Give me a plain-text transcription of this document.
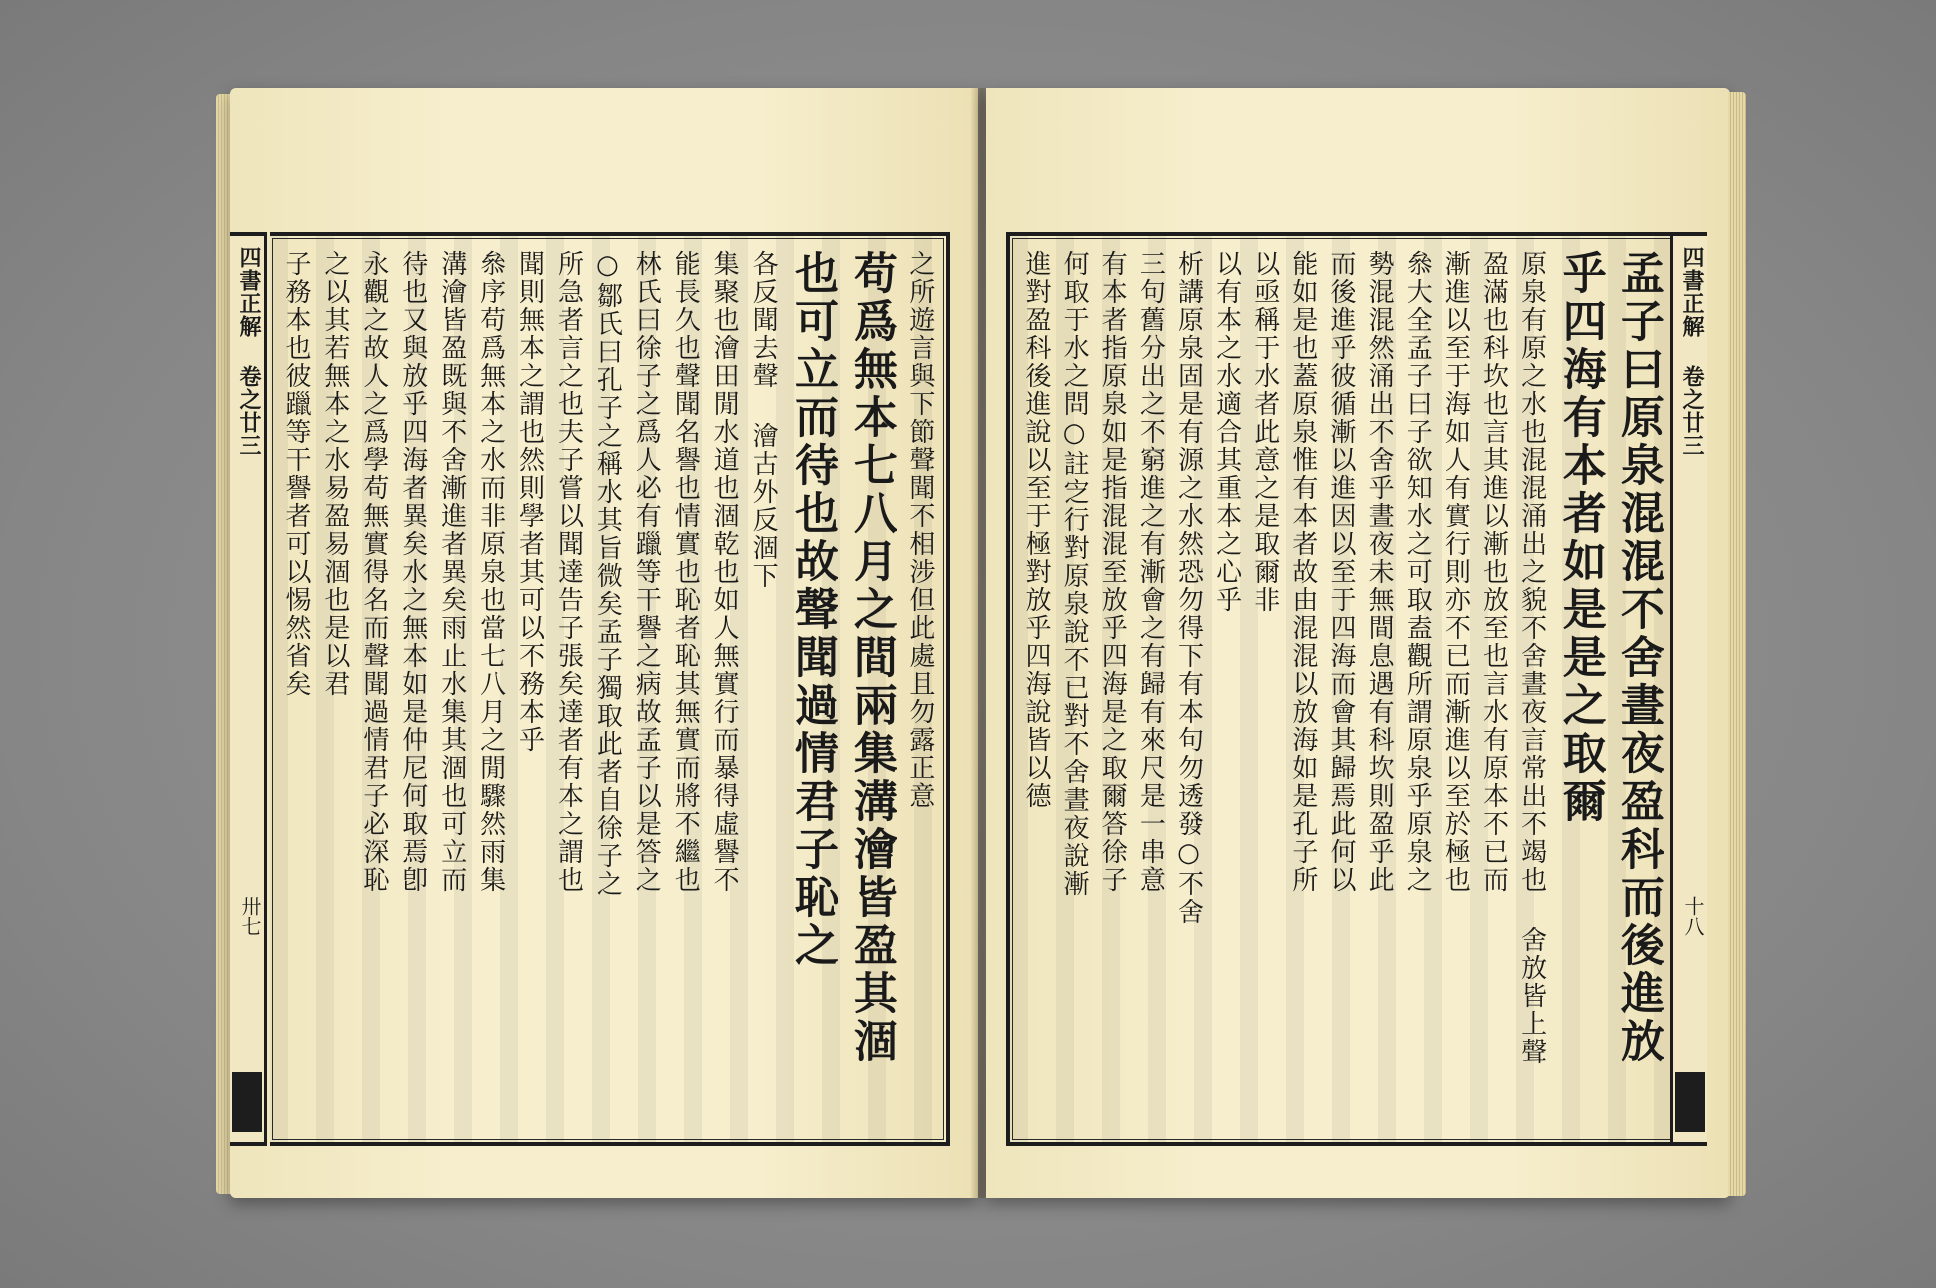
四書正解 卷之廿三
卅七
之所遊言與下節聲聞不相涉但此處且勿露正意
苟爲無本七八月之間兩集溝澮皆盈其涸
也可立而待也故聲聞過情君子恥之
各反聞去聲 澮古外反涸下
集聚也澮田閒水道也涸乾也如人無實行而暴得虛譽不
能長久也聲聞名譽也情實也恥者恥其無實而將不繼也
林氏曰徐子之爲人必有躐等干譽之病故孟子以是答之
○鄒氏曰孔子之稱水其旨微矣孟子獨取此者自徐子之
所急者言之也夫子嘗以聞達告子張矣達者有本之謂也
聞則無本之謂也然則學者其可以不務本乎
叅序苟爲無本之水而非原泉也當七八月之閒驟然雨集
溝澮皆盈既與不舍漸進者異矣雨止水集其涸也可立而
待也又與放乎四海者異矣水之無本如是仲尼何取焉卽
永觀之故人之爲學苟無實得名而聲聞過情君子必深恥
之以其若無本之水易盈易涸也是以君
子務本也彼躐等干譽者可以惕然省矣	孟子曰原泉混混不舍晝夜盈科而後進放
乎四海有本者如是是之取爾
原泉有原之水也混混涌出之貌不舍晝夜言常出不竭也 舍放皆上聲
盈滿也科坎也言其進以漸也放至也言水有原本不已而
漸進以至于海如人有實行則亦不已而漸進以至於極也
叅大全孟子曰子欲知水之可取盍觀所謂原泉乎原泉之
勢混混然涌出不舍乎晝夜未無間息遇有科坎則盈乎此
而後進乎彼循漸以進因以至于四海而會其歸焉此何以
能如是也蓋原泉惟有本者故由混混以放海如是孔子所
以亟稱于水者此意之是取爾非
以有本之水適合其重本之心乎
析講原泉固是有源之水然恐勿得下有本句勿透發○不舍
三句舊分出之不窮進之有漸會之有歸有來尺是一串意
有本者指原泉如是指混混至放乎四海是之取爾答徐子
何取于水之問○註㝎行對原泉說不已對不舍晝夜說漸
進對盈科後進說以至于極對放乎四海說皆以德	四書正解 卷之廿三
十八
